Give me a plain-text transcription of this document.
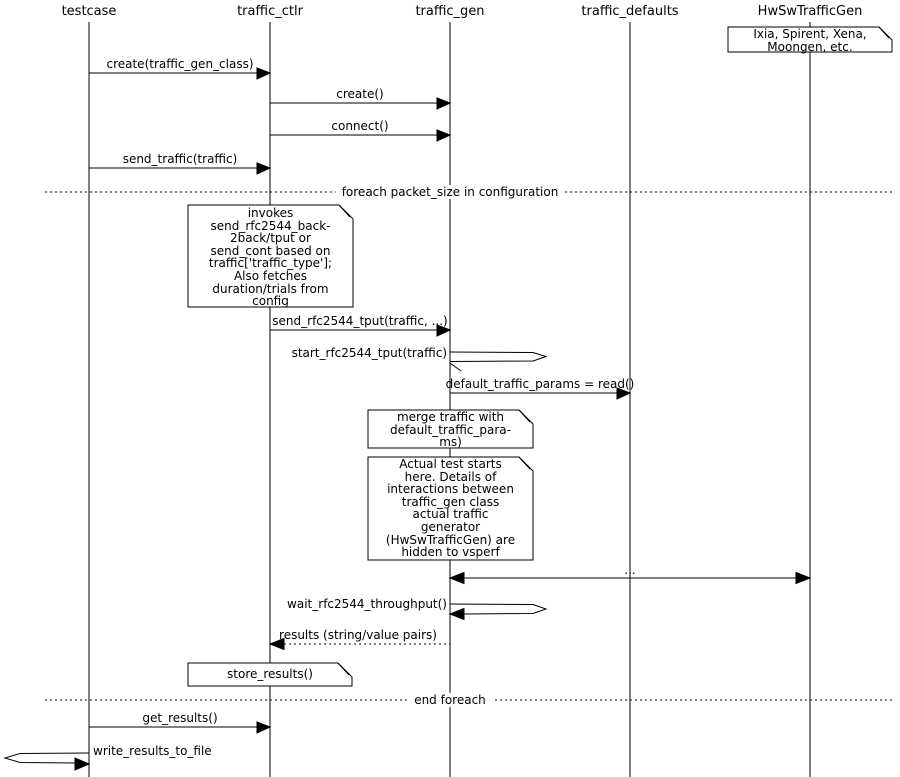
testcase	traffic_ctlr	traffic_gen	traffic_defaults	HwSwTrafficGen
create(traffic_gen_class)
create()
connect()
send_traffic(traffic)
send_rfc2544_tput(traffic, ...)
start_rfc2544_tput(traffic)
default_traffic_params = read()
...
wait_rfc2544_throughput()
results (string/value pairs)
get_results()
write_results_to_file
foreach packet_size in configuration
end foreach
Ixia, Spirent, Xena,
Moongen, etc.
invokes
send_rfc2544_back-
2back/tput or
send_cont based on
traffic['traffic_type'];
Also fetches
duration/trials from
config
merge traffic with
default_traffic_para-
ms)
Actual test starts
here. Details of
interactions between
traffic_gen class
actual traffic
generator
(HwSwTrafficGen) are
hidden to vsperf
store_results()
